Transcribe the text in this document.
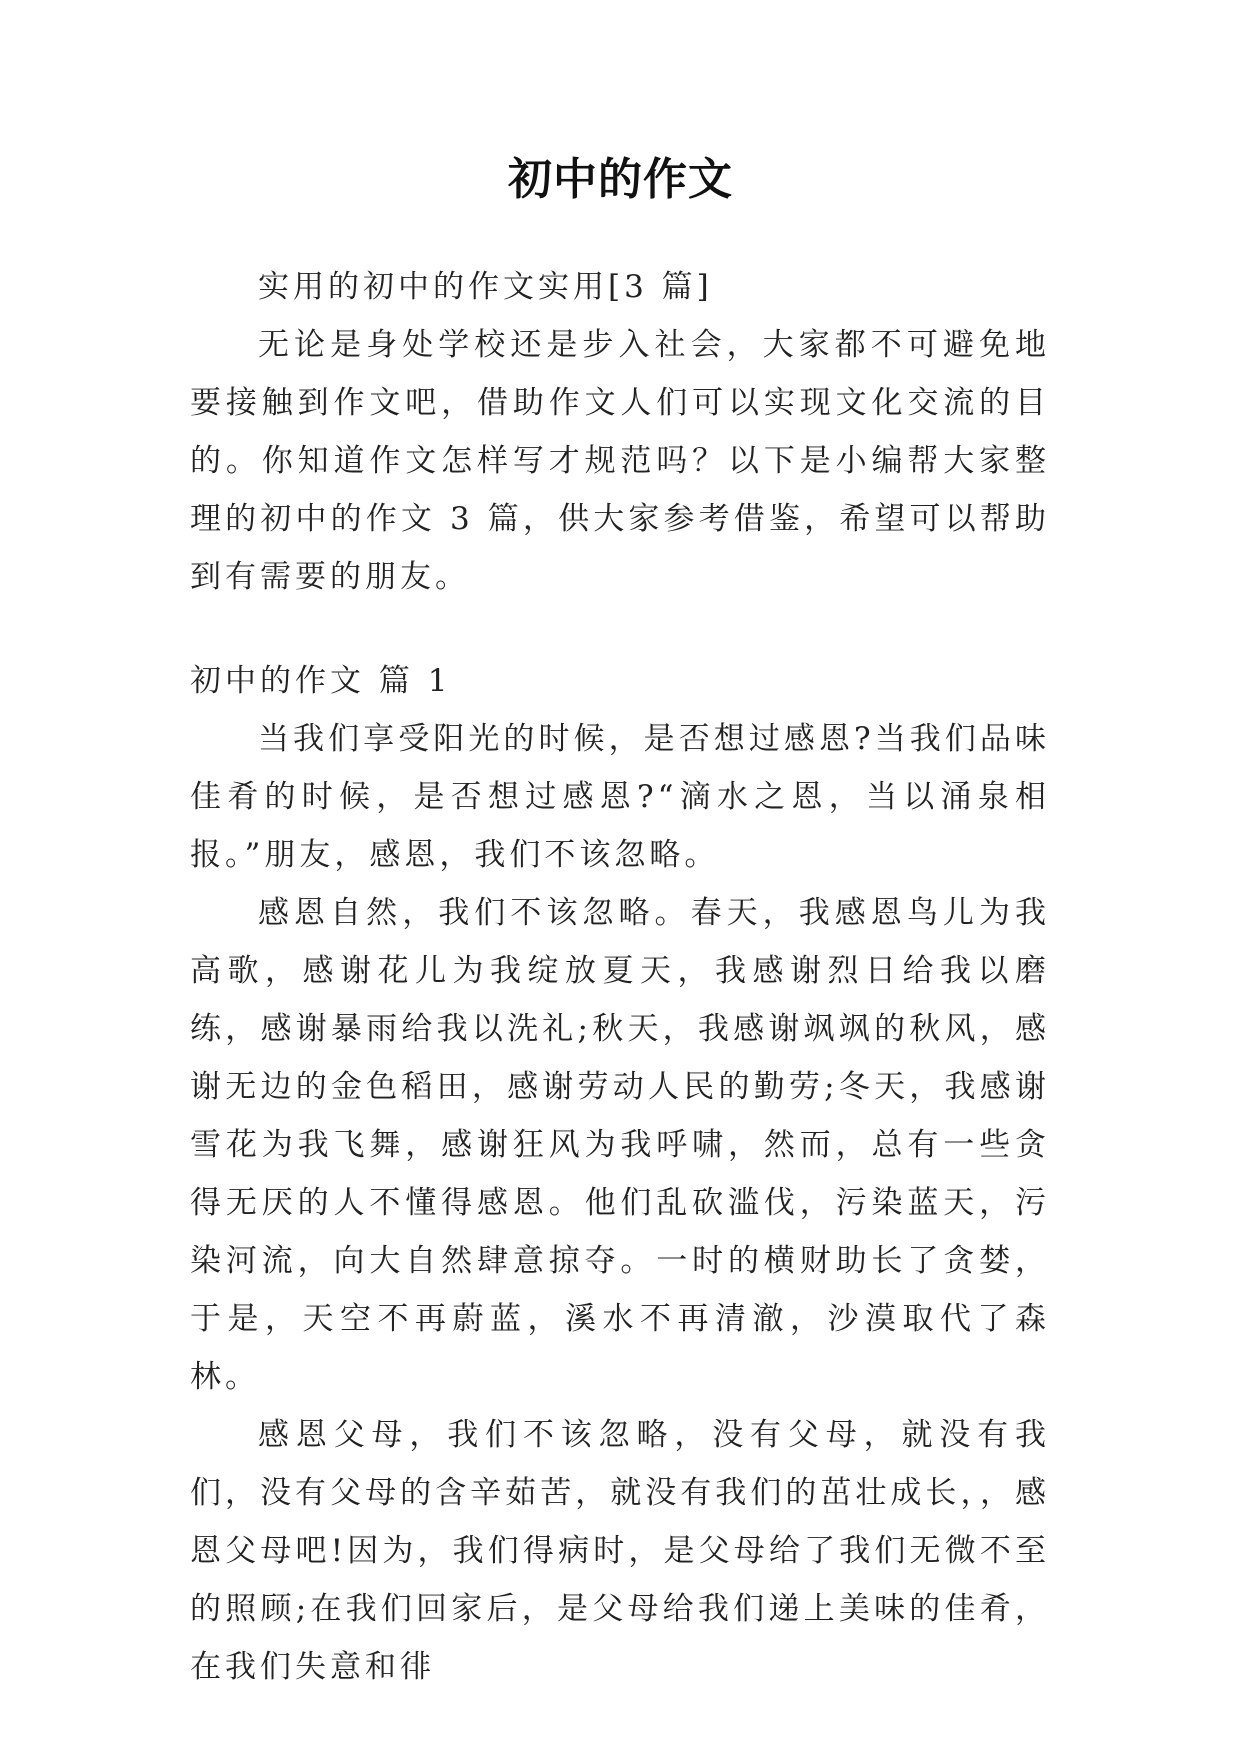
初中的作文

实用的初中的作文实用[3 篇]

无论是身处学校还是步入社会，大家都不可避免地要接触到作文吧，借助作文人们可以实现文化交流的目的。你知道作文怎样写才规范吗？以下是小编帮大家整理的初中的作文 3 篇，供大家参考借鉴，希望可以帮助到有需要的朋友。

初中的作文 篇 1

当我们享受阳光的时候，是否想过感恩?当我们品味佳肴的时候，是否想过感恩?“滴水之恩，当以涌泉相报。”朋友，感恩，我们不该忽略。

感恩自然，我们不该忽略。春天，我感恩鸟儿为我高歌，感谢花儿为我绽放夏天，我感谢烈日给我以磨练，感谢暴雨给我以洗礼;秋天，我感谢飒飒的秋风，感谢无边的金色稻田，感谢劳动人民的勤劳;冬天，我感谢雪花为我飞舞，感谢狂风为我呼啸，然而，总有一些贪得无厌的人不懂得感恩。他们乱砍滥伐，污染蓝天，污染河流，向大自然肆意掠夺。一时的横财助长了贪婪，于是，天空不再蔚蓝，溪水不再清澈，沙漠取代了森林。

感恩父母，我们不该忽略，没有父母，就没有我们，没有父母的含辛茹苦，就没有我们的茁壮成长，，感恩父母吧!因为，我们得病时，是父母给了我们无微不至的照顾;在我们回家后，是父母给我们递上美味的佳肴，在我们失意和徘
